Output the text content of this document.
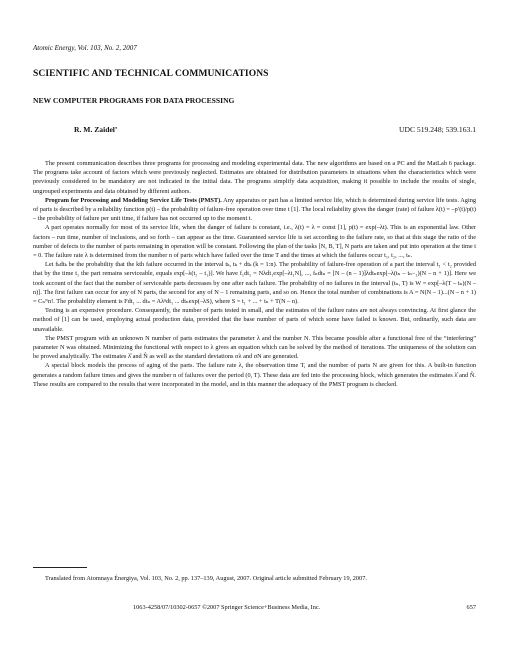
Atomic Energy, Vol. 103, No. 2, 2007
SCIENTIFIC AND TECHNICAL COMMUNICATIONS
NEW COMPUTER PROGRAMS FOR DATA PROCESSING
R. M. Zaidel’	UDC 519.248; 539.163.1

The present communication describes three programs for processing and modeling experimental data. The new algorithms are based on a PC and the MatLab 6 package. The programs take account of factors which were previously neglected. Estimates are obtained for distribution parameters in situations when the characteristics which were previously considered to be mandatory are not indicated in the initial data. The programs simplify data acquisition, making it possible to include the results of single, ungrouped experiments and data obtained by different authors.

Program for Processing and Modeling Service Life Tests (PMST). Any apparatus or part has a limited service life, which is determined during service life tests. Aging of parts is described by a reliability function p(t) – the probability of failure-free operation over time t [1]. The local reliability gives the danger (rate) of failure λ(t) = –p′(t)/p(t) – the probability of failure per unit time, if failure has not occurred up to the moment t.

A part operates normally for most of its service life, when the danger of failure is constant, i.e., λ(t) = λ = const [1], p(t) = exp(–λt). This is an exponential law. Other factors – run time, number of inclusions, and so forth – can appear as the time. Guaranteed service life is set according to the failure rate, so that at this stage the ratio of the number of defects to the number of parts remaining in operation will be constant. Following the plan of the tasks [N, B, T], N parts are taken and put into operation at the time t = 0. The failure rate λ is determined from the number n of parts which have failed over the time T and the times at which the failures occur t₁, t₂, ..., tₙ.

Let fₖdtₖ be the probability that the kth failure occurred in the interval tₖ, tₖ + dtₖ (k = 1:n). The probability of failure-free operation of a part the interval t₁ < t₂ provided that by the time t₁ the part remains serviceable, equals exp[–λ(t₂ – t₁)]. We have f₁dt₁ = Nλdt₁exp[–λt₁N], ..., fₙdtₙ = [N – (n – 1)]λdtₙexp[–λ(tₙ – tₙ₋₁)(N – n + 1)]. Here we took account of the fact that the number of serviceable parts decreases by one after each failure. The probability of no failures in the interval (tₙ, T) is W = exp[–λ(T – tₙ)(N – n)]. The first failure can occur for any of N parts, the second for any of N – 1 remaining parts, and so on. Hence the total number of combinations is A = N(N – 1)...(N – n + 1) = Cₙᴺn!. The probability element is Fdt₁ ... dtₙ = Aλⁿdt₁ ... dtₙexp(–λS), where S = t₁ + ... + tₙ + T(N – n).

Testing is an expensive procedure. Consequently, the number of parts tested in small, and the estimates of the failure rates are not always convincing. At first glance the method of [1] can be used, employing actual production data, provided that the base number of parts of which some have failed is known. But, ordinarily, such data are unavailable.

The PMST program with an unknown N number of parts estimates the parameter λ and the number N. This became possible after a functional free of the “interfering” parameter N was obtained. Minimizing the functional with respect to λ gives an equation which can be solved by the method of iterations. The uniqueness of the solution can be proved analytically. The estimates λ̂ and N̂ as well as the standard deviations σλ and σN are generated.

A special block models the process of aging of the parts. The failure rate λ, the observation time T, and the number of parts N are given for this. A built-in function generates a random failure times and gives the number n of failures over the period (0, T). These data are fed into the processing block, which generates the estimates λ̂ and N̂. These results are compared to the results that were incorporated in the model, and in this manner the adequacy of the PMST program is checked.

Translated from Atomnaya Énergiya, Vol. 103, No. 2, pp. 137–139, August, 2007. Original article submitted February 19, 2007.
1063-4258/07/10302-0657 ©2007 Springer Science+Business Media, Inc.	657
